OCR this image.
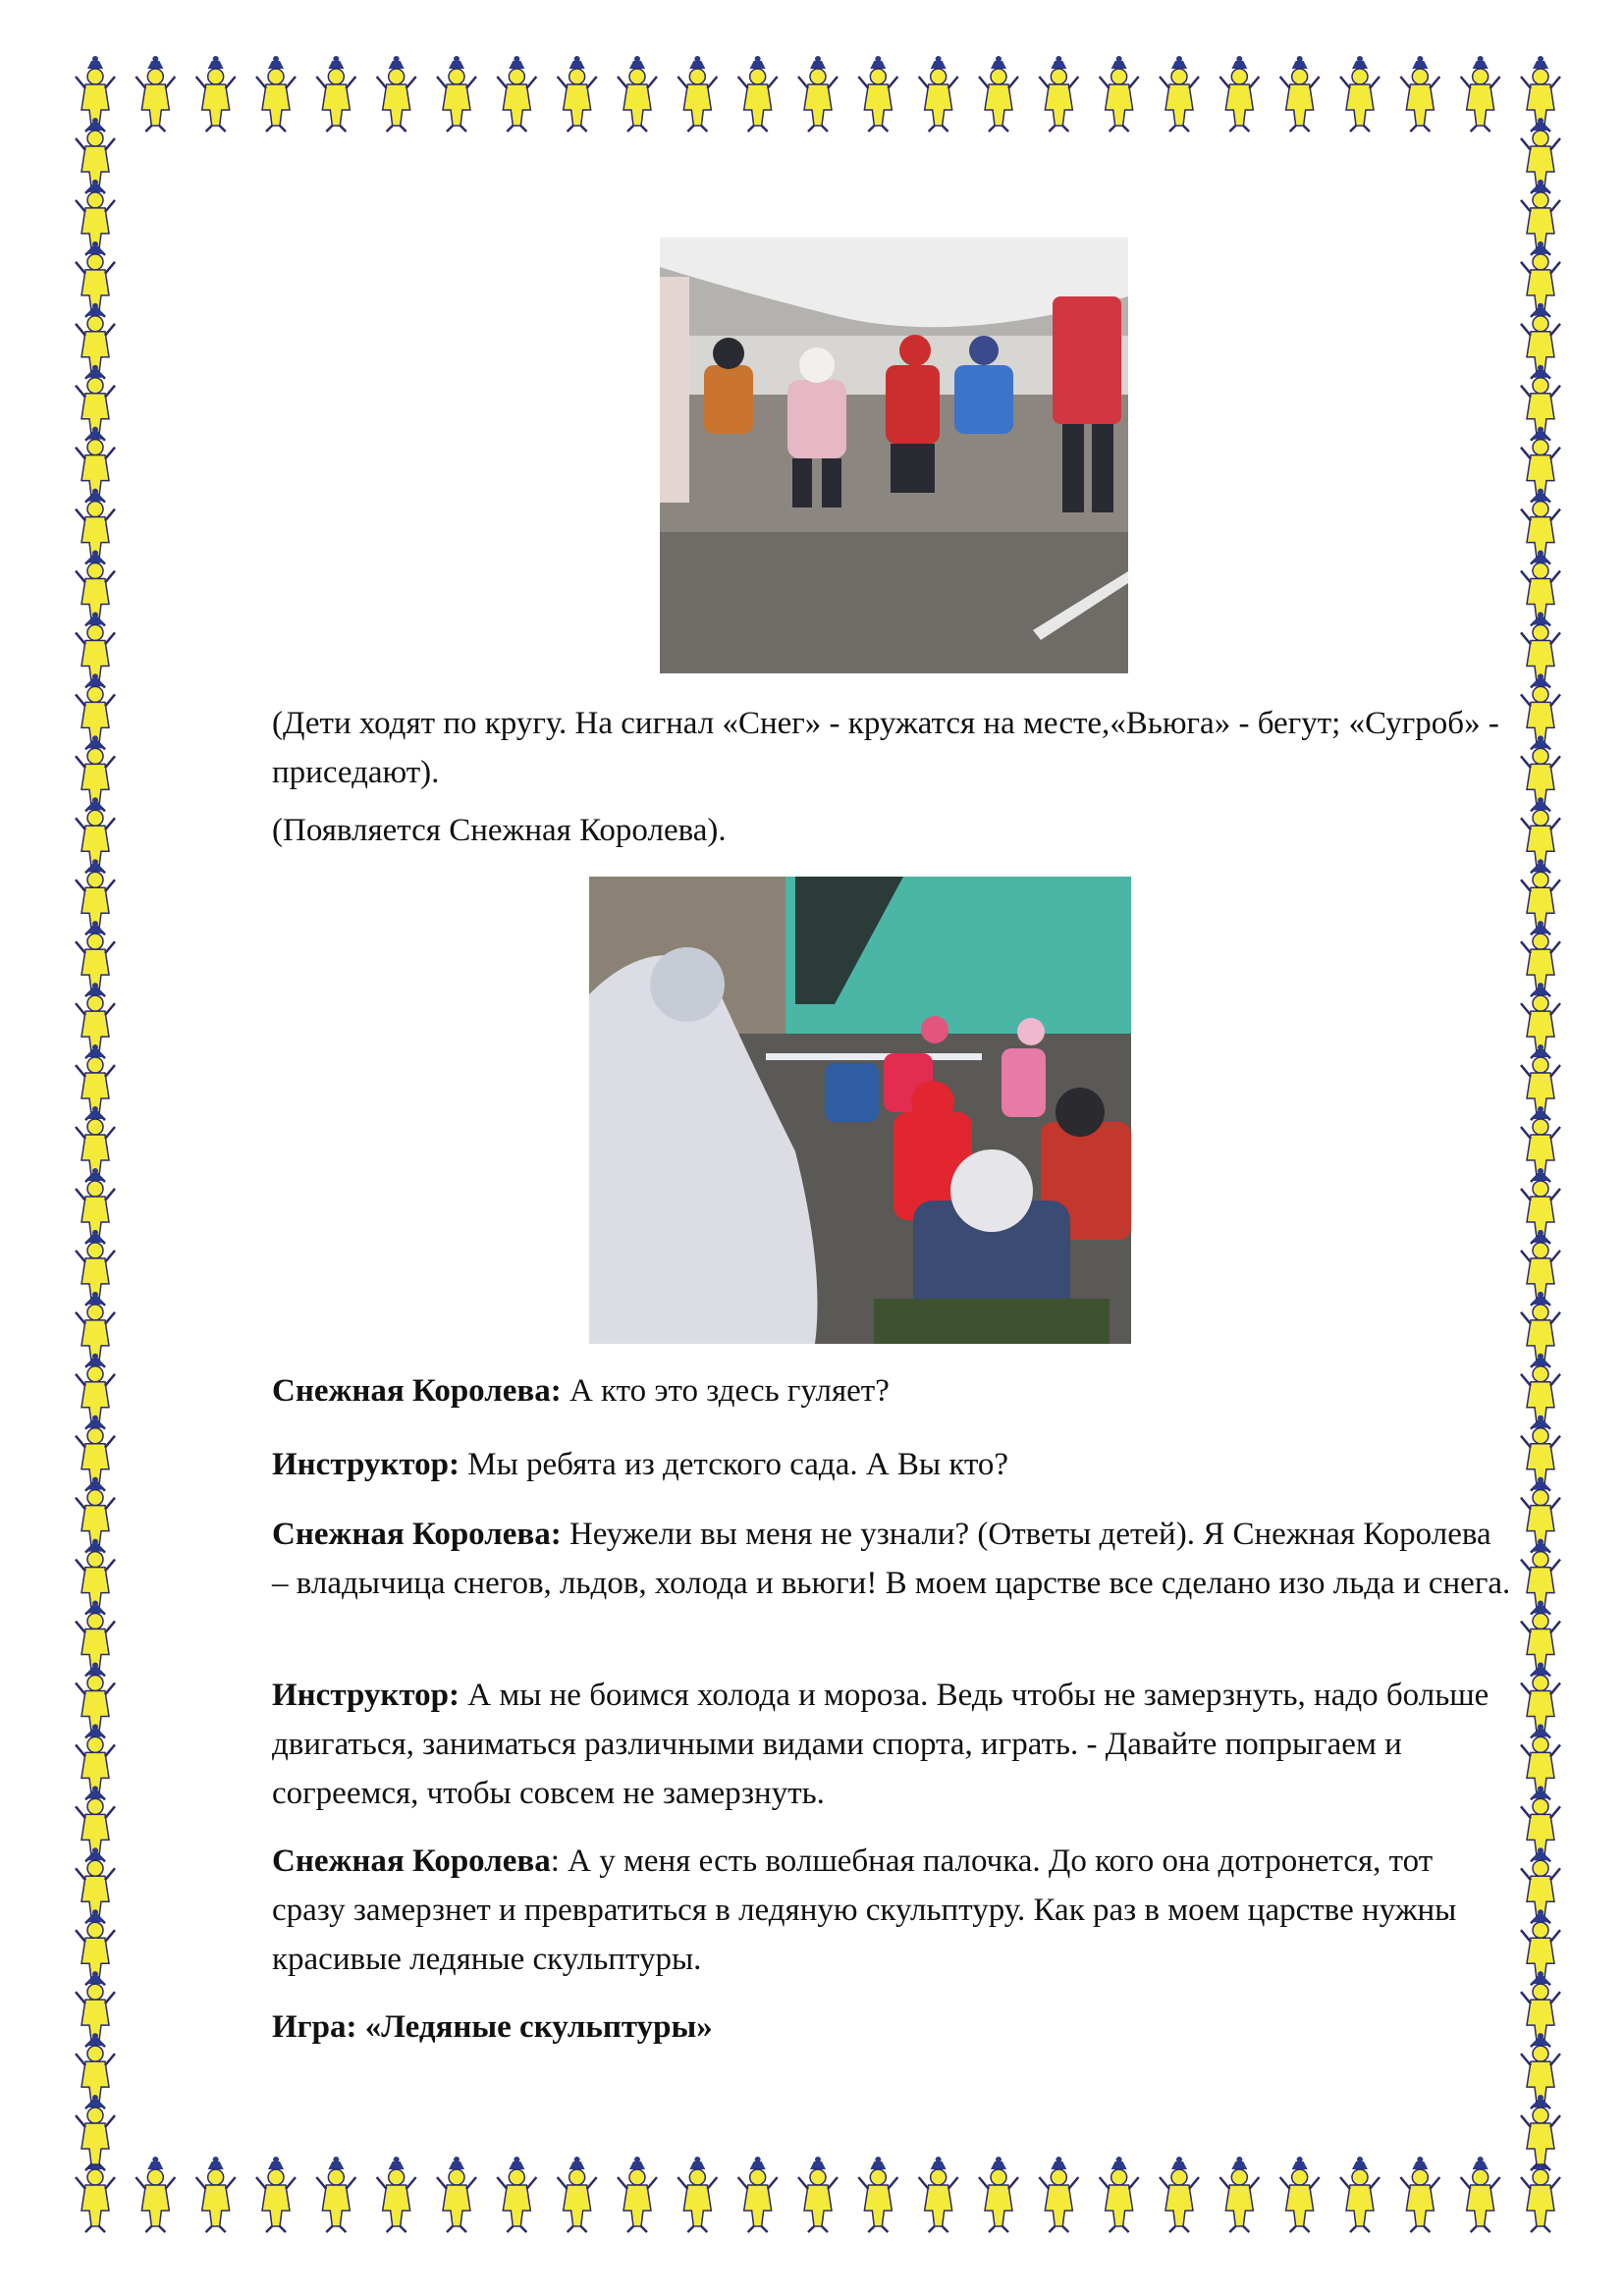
(Дети ходят по кругу. На сигнал «Снег» - кружатся на месте,«Вьюга» - бегут; «Сугроб» - приседают).

(Появляется Снежная Королева).

Снежная Королева: А кто это здесь гуляет?

Инструктор: Мы ребята из детского сада. А Вы кто?

Снежная Королева: Неужели вы меня не узнали? (Ответы детей). Я Снежная Королева – владычица снегов, льдов, холода и вьюги! В моем царстве все сделано изо льда и снега.

Инструктор: А мы не боимся холода и мороза. Ведь чтобы не замерзнуть, надо больше двигаться, заниматься различными видами спорта, играть. - Давайте попрыгаем и согреемся, чтобы совсем не замерзнуть.

Снежная Королева: А у меня есть волшебная палочка. До кого она дотронется, тот сразу замерзнет и превратиться в ледяную скульптуру. Как раз в моем царстве нужны красивые ледяные скульптуры.

Игра: «Ледяные скульптуры»
